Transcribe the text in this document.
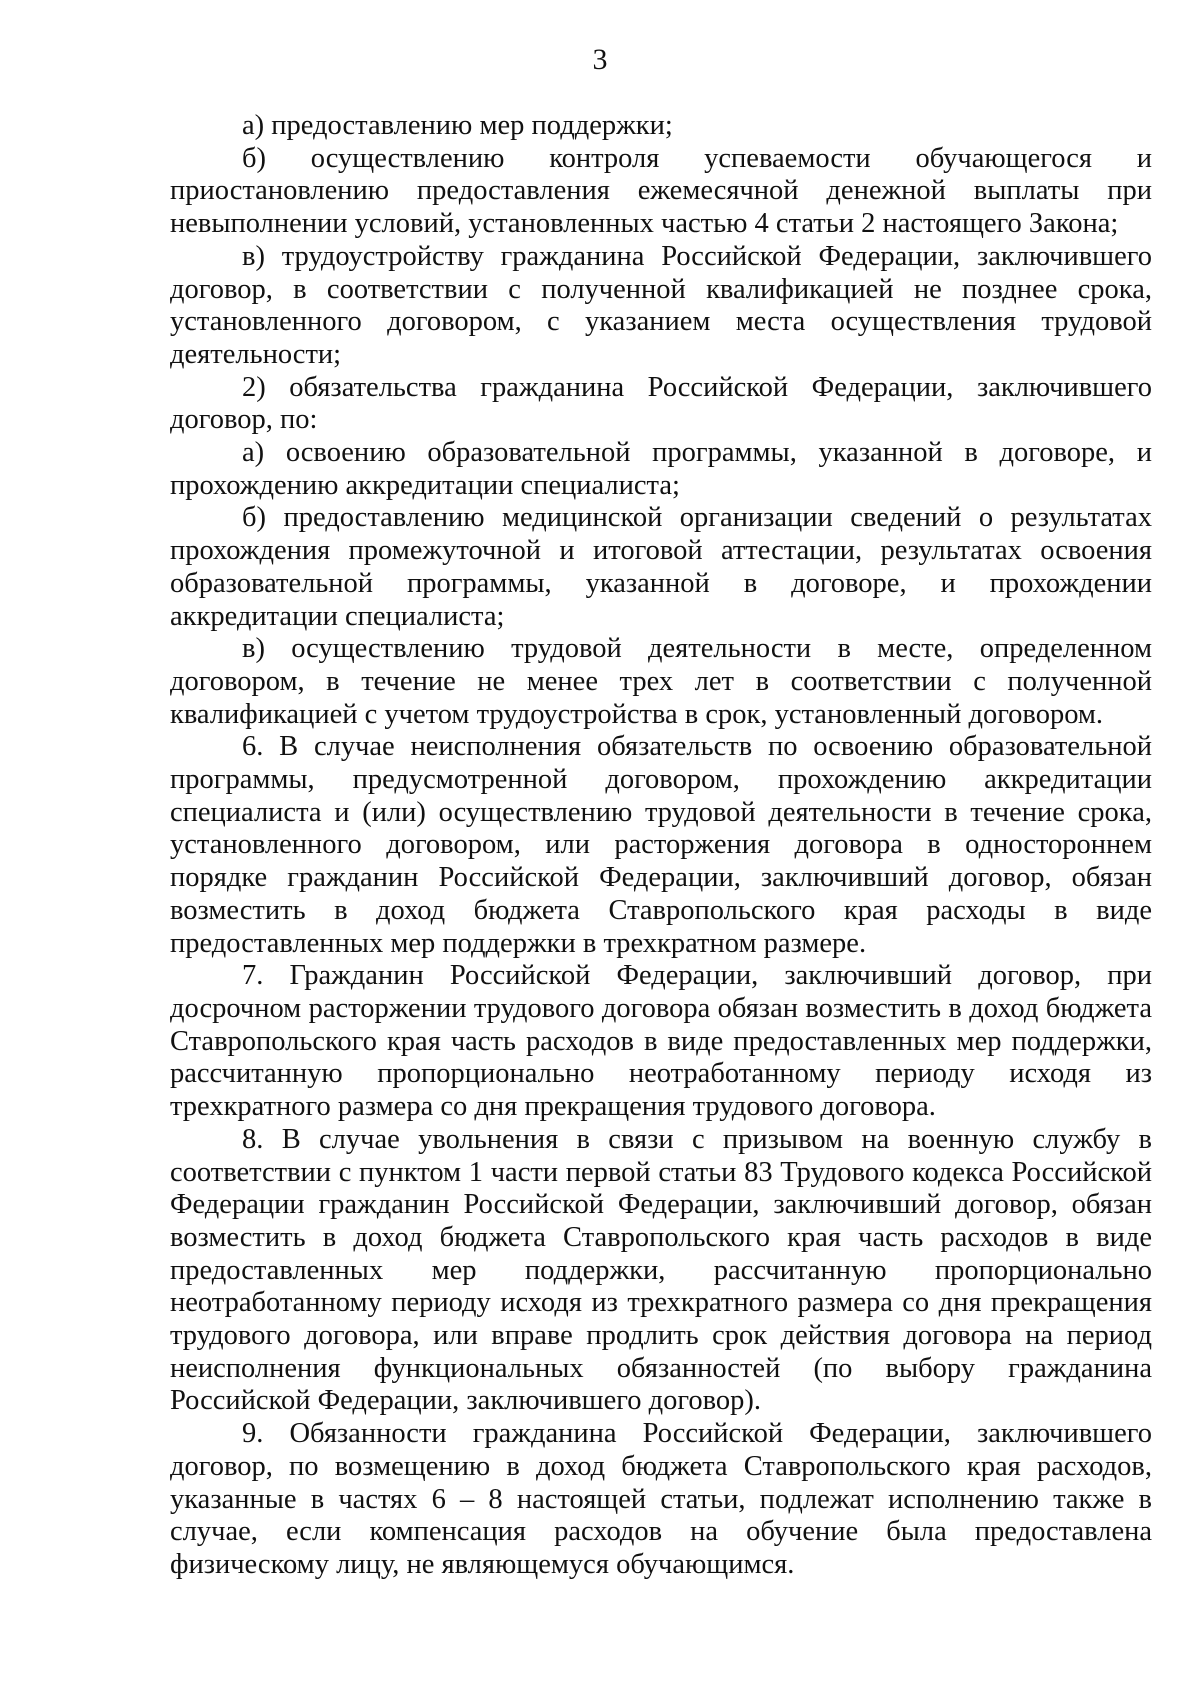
3

а) предоставлению мер поддержки;

б) осуществлению контроля успеваемости обучающегося и приостановлению предоставления ежемесячной денежной выплаты при невыполнении условий, установленных частью 4 статьи 2 настоящего Закона;

в) трудоустройству гражданина Российской Федерации, заключившего договор, в соответствии с полученной квалификацией не позднее срока, установленного договором, с указанием места осуществления трудовой деятельности;

2) обязательства гражданина Российской Федерации, заключившего договор, по:

а) освоению образовательной программы, указанной в договоре, и прохождению аккредитации специалиста;

б) предоставлению медицинской организации сведений о результатах прохождения промежуточной и итоговой аттестации, результатах освоения образовательной программы, указанной в договоре, и прохождении аккредитации специалиста;

в) осуществлению трудовой деятельности в месте, определенном договором, в течение не менее трех лет в соответствии с полученной квалификацией с учетом трудоустройства в срок, установленный договором.

6. В случае неисполнения обязательств по освоению образовательной программы, предусмотренной договором, прохождению аккредитации специалиста и (или) осуществлению трудовой деятельности в течение срока, установленного договором, или расторжения договора в одностороннем порядке гражданин Российской Федерации, заключивший договор, обязан возместить в доход бюджета Ставропольского края расходы в виде предоставленных мер поддержки в трехкратном размере.

7. Гражданин Российской Федерации, заключивший договор, при досрочном расторжении трудового договора обязан возместить в доход бюджета Ставропольского края часть расходов в виде предоставленных мер поддержки, рассчитанную пропорционально неотработанному периоду исходя из трехкратного размера со дня прекращения трудового договора.

8. В случае увольнения в связи с призывом на военную службу в соответствии с пунктом 1 части первой статьи 83 Трудового кодекса Российской Федерации гражданин Российской Федерации, заключивший договор, обязан возместить в доход бюджета Ставропольского края часть расходов в виде предоставленных мер поддержки, рассчитанную пропорционально неотработанному периоду исходя из трехкратного размера со дня прекращения трудового договора, или вправе продлить срок действия договора на период неисполнения функциональных обязанностей (по выбору гражданина Российской Федерации, заключившего договор).

9. Обязанности гражданина Российской Федерации, заключившего договор, по возмещению в доход бюджета Ставропольского края расходов, указанные в частях 6 – 8 настоящей статьи, подлежат исполнению также в случае, если компенсация расходов на обучение была предоставлена физическому лицу, не являющемуся обучающимся.
